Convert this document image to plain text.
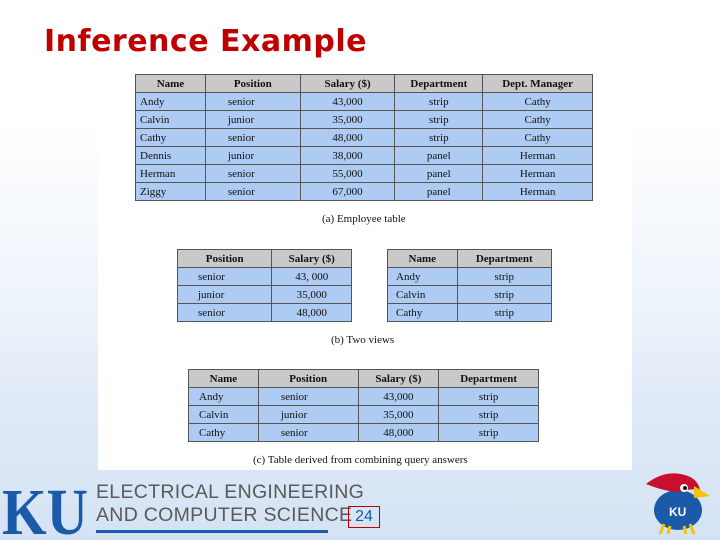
Inference Example
Name	Position	Salary ($)	Department	Dept. Manager
Andy	senior	43,000	strip	Cathy
Calvin	junior	35,000	strip	Cathy
Cathy	senior	48,000	strip	Cathy
Dennis	junior	38,000	panel	Herman
Herman	senior	55,000	panel	Herman
Ziggy	senior	67,000	panel	Herman
(a) Employee table
Position	Salary ($)
senior	43, 000
junior	35,000
senior	48,000
Name	Department
Andy	strip
Calvin	strip
Cathy	strip
(b) Two views
Name	Position	Salary ($)	Department
Andy	senior	43,000	strip
Calvin	junior	35,000	strip
Cathy	senior	48,000	strip
(c) Table derived from combining query answers
KU ELECTRICAL ENGINEERING
AND COMPUTER SCIENCE 24	KU
